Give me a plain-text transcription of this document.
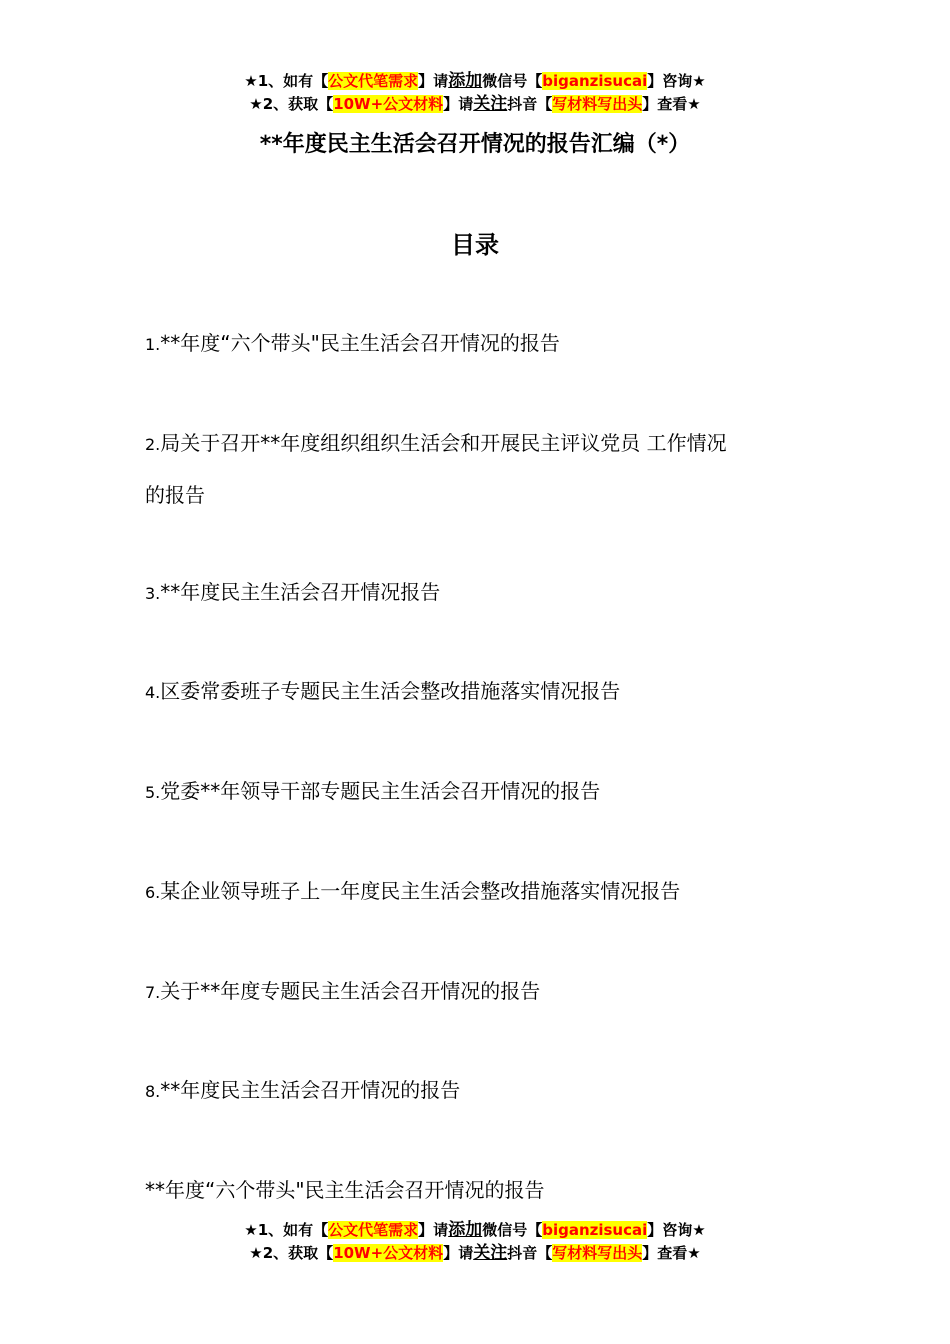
★1、如有【公文代笔需求】请添加微信号【biganzisucai】咨询★
★2、获取【10W+公文材料】请关注抖音【写材料写出头】查看★
**年度民主生活会召开情况的报告汇编（*）
目录
1.**年度“六个带头"民主生活会召开情况的报告
2.局关于召开**年度组织组织生活会和开展民主评议党员 工作情况
的报告
3.**年度民主生活会召开情况报告
4.区委常委班子专题民主生活会整改措施落实情况报告
5.党委**年领导干部专题民主生活会召开情况的报告
6.某企业领导班子上一年度民主生活会整改措施落实情况报告
7.关于**年度专题民主生活会召开情况的报告
8.**年度民主生活会召开情况的报告
**年度“六个带头"民主生活会召开情况的报告
★1、如有【公文代笔需求】请添加微信号【biganzisucai】咨询★
★2、获取【10W+公文材料】请关注抖音【写材料写出头】查看★
